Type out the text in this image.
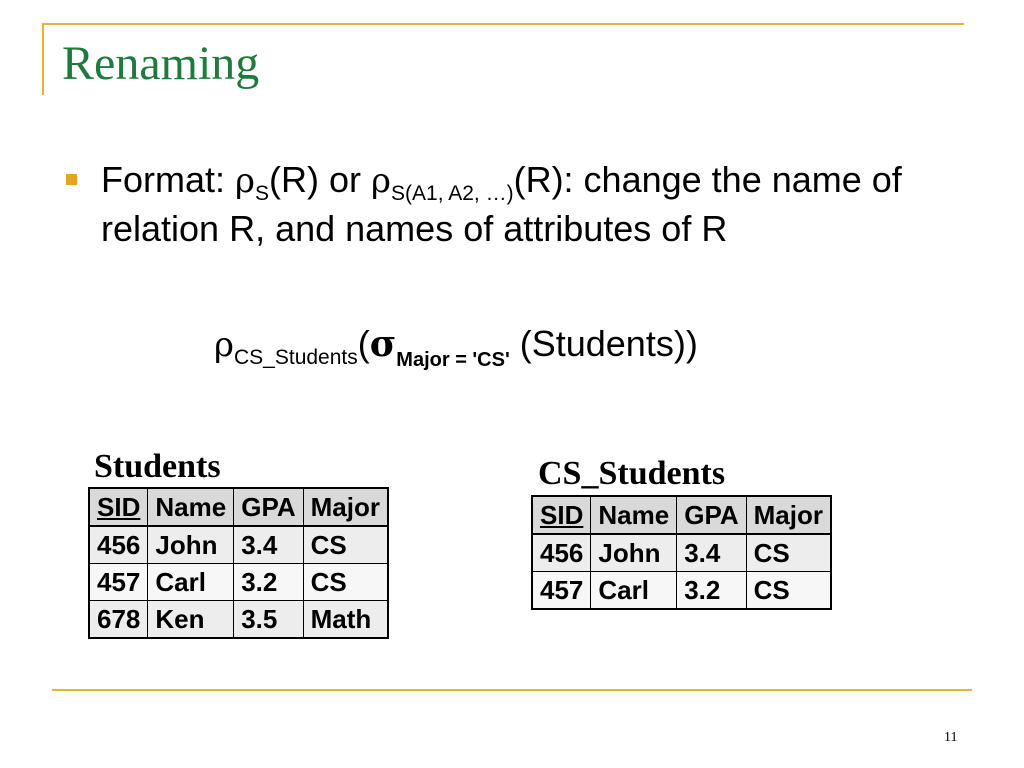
Renaming
Format: $\rho_S(R)$ or $\rho_{S(A1, A2, \dots)}(R)$: change the name of relation R, and names of attributes of R
$\rho_{CS\_Students}(\sigma_{Major = 'CS'}$ (Students))
Students
SID	Name	GPA	Major
456	John	3.4	CS
457	Carl	3.2	CS
678	Ken	3.5	Math
CS_Students
SID	Name	GPA	Major
456	John	3.4	CS
457	Carl	3.2	CS
11
